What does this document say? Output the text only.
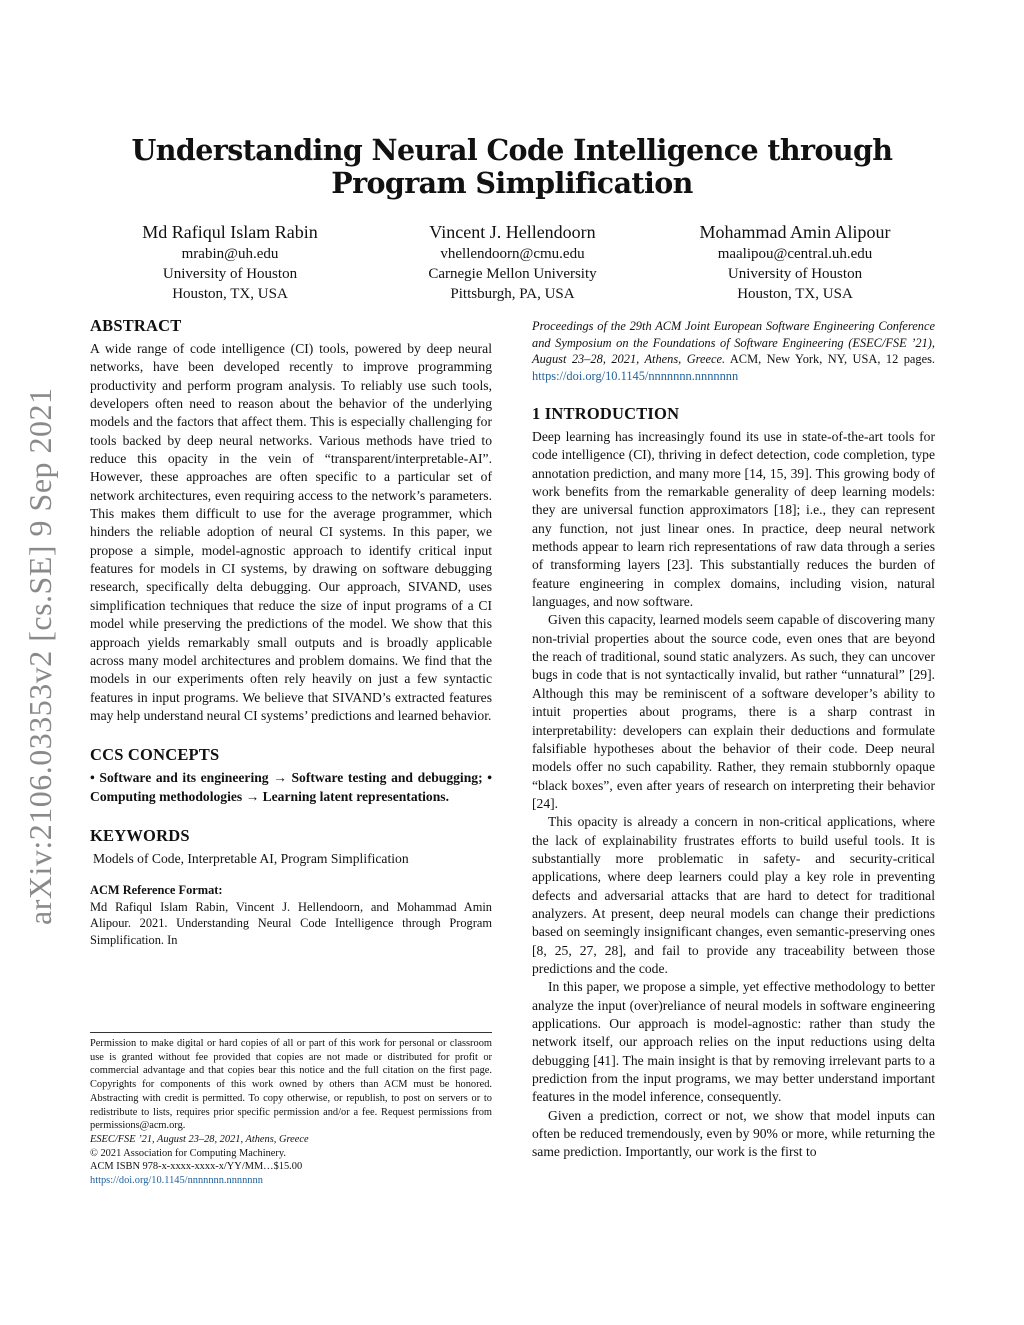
arXiv:2106.03353v2 [cs.SE] 9 Sep 2021
Understanding Neural Code Intelligence through Program Simplification
Md Rafiqul Islam Rabin
mrabin@uh.edu
University of Houston
Houston, TX, USA
Vincent J. Hellendoorn
vhellendoorn@cmu.edu
Carnegie Mellon University
Pittsburgh, PA, USA
Mohammad Amin Alipour
maalipou@central.uh.edu
University of Houston
Houston, TX, USA
ABSTRACT

A wide range of code intelligence (CI) tools, powered by deep neural networks, have been developed recently to improve programming productivity and perform program analysis. To reliably use such tools, developers often need to reason about the behavior of the underlying models and the factors that affect them. This is especially challenging for tools backed by deep neural networks. Various methods have tried to reduce this opacity in the vein of “transparent/interpretable-AI”. However, these approaches are often specific to a particular set of network architectures, even requiring access to the network’s parameters. This makes them difficult to use for the average programmer, which hinders the reliable adoption of neural CI systems. In this paper, we propose a simple, model-agnostic approach to identify critical input features for models in CI systems, by drawing on software debugging research, specifically delta debugging. Our approach, SIVAND, uses simplification techniques that reduce the size of input programs of a CI model while preserving the predictions of the model. We show that this approach yields remarkably small outputs and is broadly applicable across many model architectures and problem domains. We find that the models in our experiments often rely heavily on just a few syntactic features in input programs. We believe that SIVAND’s extracted features may help understand neural CI systems’ predictions and learned behavior.

CCS CONCEPTS

• Software and its engineering → Software testing and debugging; • Computing methodologies → Learning latent representations.

KEYWORDS

Models of Code, Interpretable AI, Program Simplification

ACM Reference Format:

Md Rafiqul Islam Rabin, Vincent J. Hellendoorn, and Mohammad Amin Alipour. 2021. Understanding Neural Code Intelligence through Program Simplification. In

Permission to make digital or hard copies of all or part of this work for personal or classroom use is granted without fee provided that copies are not made or distributed for profit or commercial advantage and that copies bear this notice and the full citation on the first page. Copyrights for components of this work owned by others than ACM must be honored. Abstracting with credit is permitted. To copy otherwise, or republish, to post on servers or to redistribute to lists, requires prior specific permission and/or a fee. Request permissions from permissions@acm.org.

ESEC/FSE ’21, August 23–28, 2021, Athens, Greece
© 2021 Association for Computing Machinery.
ACM ISBN 978-x-xxxx-xxxx-x/YY/MM…$15.00
https://doi.org/10.1145/nnnnnnn.nnnnnnn

Proceedings of the 29th ACM Joint European Software Engineering Conference and Symposium on the Foundations of Software Engineering (ESEC/FSE ’21), August 23–28, 2021, Athens, Greece. ACM, New York, NY, USA, 12 pages. https://doi.org/10.1145/nnnnnnn.nnnnnnn

1 INTRODUCTION

Deep learning has increasingly found its use in state-of-the-art tools for code intelligence (CI), thriving in defect detection, code completion, type annotation prediction, and many more [14, 15, 39]. This growing body of work benefits from the remarkable generality of deep learning models: they are universal function approximators [18]; i.e., they can represent any function, not just linear ones. In practice, deep neural network methods appear to learn rich representations of raw data through a series of transforming layers [23]. This substantially reduces the burden of feature engineering in complex domains, including vision, natural languages, and now software.

Given this capacity, learned models seem capable of discovering many non-trivial properties about the source code, even ones that are beyond the reach of traditional, sound static analyzers. As such, they can uncover bugs in code that is not syntactically invalid, but rather “unnatural” [29]. Although this may be reminiscent of a software developer’s ability to intuit properties about programs, there is a sharp contrast in interpretability: developers can explain their deductions and formulate falsifiable hypotheses about the behavior of their code. Deep neural models offer no such capability. Rather, they remain stubbornly opaque “black boxes”, even after years of research on interpreting their behavior [24].

This opacity is already a concern in non-critical applications, where the lack of explainability frustrates efforts to build useful tools. It is substantially more problematic in safety- and security-critical applications, where deep learners could play a key role in preventing defects and adversarial attacks that are hard to detect for traditional analyzers. At present, deep neural models can change their predictions based on seemingly insignificant changes, even semantic-preserving ones [8, 25, 27, 28], and fail to provide any traceability between those predictions and the code.

In this paper, we propose a simple, yet effective methodology to better analyze the input (over)reliance of neural models in software engineering applications. Our approach is model-agnostic: rather than study the network itself, our approach relies on the input reductions using delta debugging [41]. The main insight is that by removing irrelevant parts to a prediction from the input programs, we may better understand important features in the model inference, consequently.

Given a prediction, correct or not, we show that model inputs can often be reduced tremendously, even by 90% or more, while returning the same prediction. Importantly, our work is the first to
